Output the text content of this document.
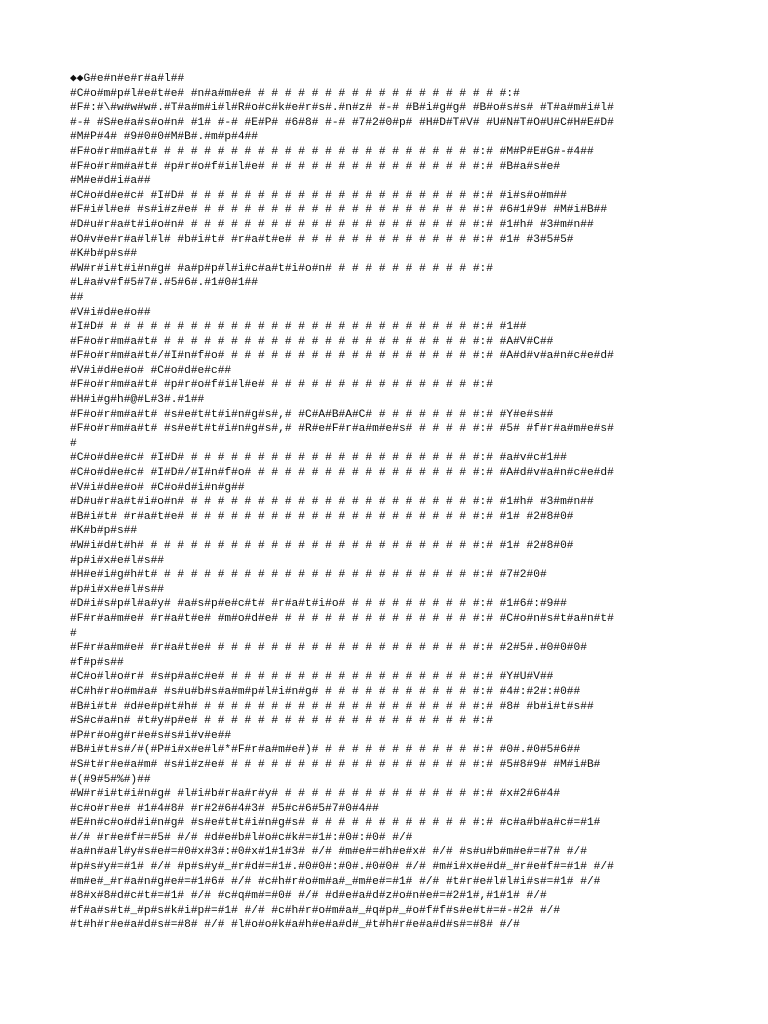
◆◆G#e#n#e#r#a#l##
#C#o#m#p#l#e#t#e# #n#a#m#e# # # # # # # # # # # # # # # # # # # #:#
#F#:#\#w#w#w#.#T#a#m#i#l#R#o#c#k#e#r#s#.#n#z# #-# #B#i#g#g# #B#o#s#s# #T#a#m#i#l#
#-# #S#e#a#s#o#n# #1# #-# #E#P# #6#8# #-# #7#2#0#p# #H#D#T#V# #U#N#T#O#U#C#H#E#D#
#M#P#4# #9#0#0#M#B#.#m#p#4##
#F#o#r#m#a#t# # # # # # # # # # # # # # # # # # # # # # # # #:# #M#P#E#G#-#4##
#F#o#r#m#a#t# #p#r#o#f#i#l#e# # # # # # # # # # # # # # # # #:# #B#a#s#e#
#M#e#d#i#a##
#C#o#d#e#c# #I#D# # # # # # # # # # # # # # # # # # # # # # #:# #i#s#o#m##
#F#i#l#e# #s#i#z#e# # # # # # # # # # # # # # # # # # # # # #:# #6#1#9# #M#i#B##
#D#u#r#a#t#i#o#n# # # # # # # # # # # # # # # # # # # # # # #:# #1#h# #3#m#n##
#O#v#e#r#a#l#l# #b#i#t# #r#a#t#e# # # # # # # # # # # # # # #:# #1# #3#5#5#
#K#b#p#s##
#W#r#i#t#i#n#g# #a#p#p#l#i#c#a#t#i#o#n# # # # # # # # # # # #:#
#L#a#v#f#5#7#.#5#6#.#1#0#1##
##
#V#i#d#e#o##
#I#D# # # # # # # # # # # # # # # # # # # # # # # # # # # # #:# #1##
#F#o#r#m#a#t# # # # # # # # # # # # # # # # # # # # # # # # #:# #A#V#C##
#F#o#r#m#a#t#/#I#n#f#o# # # # # # # # # # # # # # # # # # # #:# #A#d#v#a#n#c#e#d#
#V#i#d#e#o# #C#o#d#e#c##
#F#o#r#m#a#t# #p#r#o#f#i#l#e# # # # # # # # # # # # # # # # #:#
#H#i#g#h#@#L#3#.#1##
#F#o#r#m#a#t# #s#e#t#t#i#n#g#s#,# #C#A#B#A#C# # # # # # # # #:# #Y#e#s##
#F#o#r#m#a#t# #s#e#t#t#i#n#g#s#,# #R#e#F#r#a#m#e#s# # # # # #:# #5# #f#r#a#m#e#s#
#
#C#o#d#e#c# #I#D# # # # # # # # # # # # # # # # # # # # # # #:# #a#v#c#1##
#C#o#d#e#c# #I#D#/#I#n#f#o# # # # # # # # # # # # # # # # # #:# #A#d#v#a#n#c#e#d#
#V#i#d#e#o# #C#o#d#i#n#g##
#D#u#r#a#t#i#o#n# # # # # # # # # # # # # # # # # # # # # # #:# #1#h# #3#m#n##
#B#i#t# #r#a#t#e# # # # # # # # # # # # # # # # # # # # # # #:# #1# #2#8#0#
#K#b#p#s##
#W#i#d#t#h# # # # # # # # # # # # # # # # # # # # # # # # # #:# #1# #2#8#0#
#p#i#x#e#l#s##
#H#e#i#g#h#t# # # # # # # # # # # # # # # # # # # # # # # # #:# #7#2#0#
#p#i#x#e#l#s##
#D#i#s#p#l#a#y# #a#s#p#e#c#t# #r#a#t#i#o# # # # # # # # # # #:# #1#6#:#9##
#F#r#a#m#e# #r#a#t#e# #m#o#d#e# # # # # # # # # # # # # # # #:# #C#o#n#s#t#a#n#t#
#
#F#r#a#m#e# #r#a#t#e# # # # # # # # # # # # # # # # # # # # #:# #2#5#.#0#0#0#
#f#p#s##
#C#o#l#o#r# #s#p#a#c#e# # # # # # # # # # # # # # # # # # # #:# #Y#U#V##
#C#h#r#o#m#a# #s#u#b#s#a#m#p#l#i#n#g# # # # # # # # # # # # #:# #4#:#2#:#0##
#B#i#t# #d#e#p#t#h# # # # # # # # # # # # # # # # # # # # # #:# #8# #b#i#t#s##
#S#c#a#n# #t#y#p#e# # # # # # # # # # # # # # # # # # # # # #:#
#P#r#o#g#r#e#s#s#i#v#e##
#B#i#t#s#/#(#P#i#x#e#l#*#F#r#a#m#e#)# # # # # # # # # # # # #:# #0#.#0#5#6##
#S#t#r#e#a#m# #s#i#z#e# # # # # # # # # # # # # # # # # # # #:# #5#8#9# #M#i#B#
#(#9#5#%#)##
#W#r#i#t#i#n#g# #l#i#b#r#a#r#y# # # # # # # # # # # # # # # #:# #x#2#6#4#
#c#o#r#e# #1#4#8# #r#2#6#4#3# #5#c#6#5#7#0#4##
#E#n#c#o#d#i#n#g# #s#e#t#t#i#n#g#s# # # # # # # # # # # # # #:# #c#a#b#a#c#=#1#
#/# #r#e#f#=#5# #/# #d#e#b#l#o#c#k#=#1#:#0#:#0# #/#
#a#n#a#l#y#s#e#=#0#x#3#:#0#x#1#1#3# #/# #m#e#=#h#e#x# #/# #s#u#b#m#e#=#7# #/#
#p#s#y#=#1# #/# #p#s#y#_#r#d#=#1#.#0#0#:#0#.#0#0# #/# #m#i#x#e#d#_#r#e#f#=#1# #/#
#m#e#_#r#a#n#g#e#=#1#6# #/# #c#h#r#o#m#a#_#m#e#=#1# #/# #t#r#e#l#l#i#s#=#1# #/#
#8#x#8#d#c#t#=#1# #/# #c#q#m#=#0# #/# #d#e#a#d#z#o#n#e#=#2#1#,#1#1# #/#
#f#a#s#t#_#p#s#k#i#p#=#1# #/# #c#h#r#o#m#a#_#q#p#_#o#f#f#s#e#t#=#-#2# #/#
#t#h#r#e#a#d#s#=#8# #/# #l#o#o#k#a#h#e#a#d#_#t#h#r#e#a#d#s#=#8# #/#
